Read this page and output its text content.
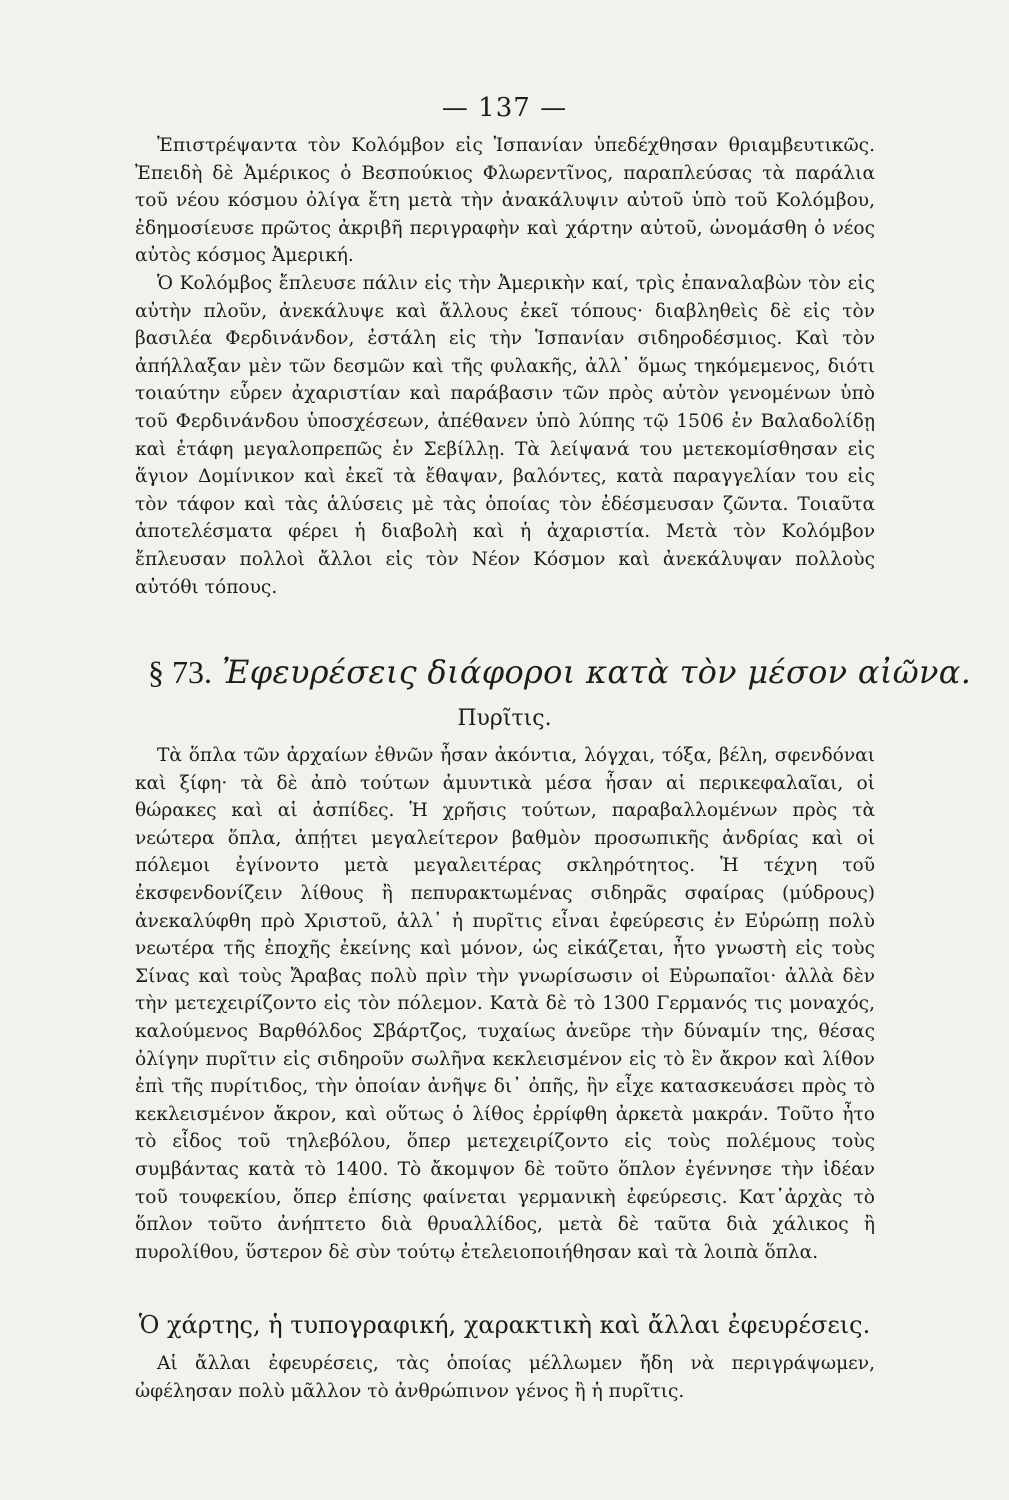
— 137 —

Ἐπιστρέψαντα τὸν Κολόμβον εἰς Ἱσπανίαν ὑπεδέχθησαν θριαμβευτικῶς. Ἐπειδὴ δὲ Ἀμέρικος ὁ Βεσπούκιος Φλωρεντῖνος, παραπλεύσας τὰ παράλια τοῦ νέου κόσμου ὀλίγα ἔτη μετὰ τὴν ἀνακάλυψιν αὐτοῦ ὑπὸ τοῦ Κολόμβου, ἐδημοσίευσε πρῶτος ἀκριβῆ περιγραφὴν καὶ χάρτην αὐτοῦ, ὠνομάσθη ὁ νέος αὐτὸς κόσμος Ἀμερική.

Ὁ Κολόμβος ἔπλευσε πάλιν εἰς τὴν Ἀμερικὴν καί, τρὶς ἐπαναλαβὼν τὸν εἰς αὐτὴν πλοῦν, ἀνεκάλυψε καὶ ἄλλους ἐκεῖ τόπους· διαβληθεὶς δὲ εἰς τὸν βασιλέα Φερδινάνδον, ἐστάλη εἰς τὴν Ἱσπανίαν σιδηροδέσμιος. Καὶ τὸν ἀπήλλαξαν μὲν τῶν δεσμῶν καὶ τῆς φυλακῆς, ἀλλ᾽ ὅμως τηκόμεμενος, διότι τοιαύτην εὗρεν ἀχαριστίαν καὶ παράβασιν τῶν πρὸς αὐτὸν γενομένων ὑπὸ τοῦ Φερδινάνδου ὑποσχέσεων, ἀπέθανεν ὑπὸ λύπης τῷ 1506 ἐν Βαλαδολίδῃ καὶ ἐτάφη μεγαλοπρεπῶς ἐν Σεβίλλῃ. Τὰ λείψανά του μετεκομίσθησαν εἰς ἅγιον Δομίνικον καὶ ἐκεῖ τὰ ἔθαψαν, βαλόντες, κατὰ παραγγελίαν του εἰς τὸν τάφον καὶ τὰς ἁλύσεις μὲ τὰς ὁποίας τὸν ἐδέσμευσαν ζῶντα. Τοιαῦτα ἀποτελέσματα φέρει ἡ διαβολὴ καὶ ἡ ἀχαριστία. Μετὰ τὸν Κολόμβον ἔπλευσαν πολλοὶ ἄλλοι εἰς τὸν Νέον Κόσμον καὶ ἀνεκάλυψαν πολλοὺς αὐτόθι τόπους.

§ 73. Ἐφευρέσεις διάφοροι κατὰ τὸν μέσον αἰῶνα.
Πυρῖτις.

Τὰ ὅπλα τῶν ἀρχαίων ἐθνῶν ἦσαν ἀκόντια, λόγχαι, τόξα, βέλη, σφενδόναι καὶ ξίφη· τὰ δὲ ἀπὸ τούτων ἀμυντικὰ μέσα ἦσαν αἱ περικεφαλαῖαι, οἱ θώρακες καὶ αἱ ἀσπίδες. Ἡ χρῆσις τούτων, παραβαλλομένων πρὸς τὰ νεώτερα ὅπλα, ἀπῄτει μεγαλείτερον βαθμὸν προσωπικῆς ἀνδρίας καὶ οἱ πόλεμοι ἐγίνοντο μετὰ μεγαλειτέρας σκληρότητος. Ἡ τέχνη τοῦ ἐκσφενδονίζειν λίθους ἢ πεπυρακτωμένας σιδηρᾶς σφαίρας (μύδρους) ἀνεκαλύφθη πρὸ Χριστοῦ, ἀλλ᾽ ἡ πυρῖτις εἶναι ἐφεύρεσις ἐν Εὐρώπῃ πολὺ νεωτέρα τῆς ἐποχῆς ἐκείνης καὶ μόνον, ὡς εἰκάζεται, ἦτο γνωστὴ εἰς τοὺς Σίνας καὶ τοὺς Ἄραβας πολὺ πρὶν τὴν γνωρίσωσιν οἱ Εὐρωπαῖοι· ἀλλὰ δὲν τὴν μετεχειρίζοντο εἰς τὸν πόλεμον. Κατὰ δὲ τὸ 1300 Γερμανός τις μοναχός, καλούμενος Βαρθόλδος Σβάρτζος, τυχαίως ἀνεῦρε τὴν δύναμίν της, θέσας ὀλίγην πυρῖτιν εἰς σιδηροῦν σωλῆνα κεκλεισμένον εἰς τὸ ἓν ἄκρον καὶ λίθον ἐπὶ τῆς πυρίτιδος, τὴν ὁποίαν ἀνῆψε δι᾽ ὀπῆς, ἣν εἶχε κατασκευάσει πρὸς τὸ κεκλεισμένον ἄκρον, καὶ οὕτως ὁ λίθος ἐρρίφθη ἀρκετὰ μακράν. Τοῦτο ἦτο τὸ εἶδος τοῦ τηλεβόλου, ὅπερ μετεχειρίζοντο εἰς τοὺς πολέμους τοὺς συμβάντας κατὰ τὸ 1400. Τὸ ἄκομψον δὲ τοῦτο ὅπλον ἐγέννησε τὴν ἰδέαν τοῦ τουφεκίου, ὅπερ ἐπίσης φαίνεται γερμανικὴ ἐφεύρεσις. Κατ᾽ἀρχὰς τὸ ὅπλον τοῦτο ἀνήπτετο διὰ θρυαλλίδος, μετὰ δὲ ταῦτα διὰ χάλικος ἢ πυρολίθου, ὕστερον δὲ σὺν τούτῳ ἐτελειοποιήθησαν καὶ τὰ λοιπὰ ὅπλα.

Ὁ χάρτης, ἡ τυπογραφική, χαρακτικὴ καὶ ἄλλαι ἐφευρέσεις.

Αἱ ἄλλαι ἐφευρέσεις, τὰς ὁποίας μέλλωμεν ἤδη νὰ περιγράψωμεν, ὠφέλησαν πολὺ μᾶλλον τὸ ἀνθρώπινον γένος ἢ ἡ πυρῖτις.
